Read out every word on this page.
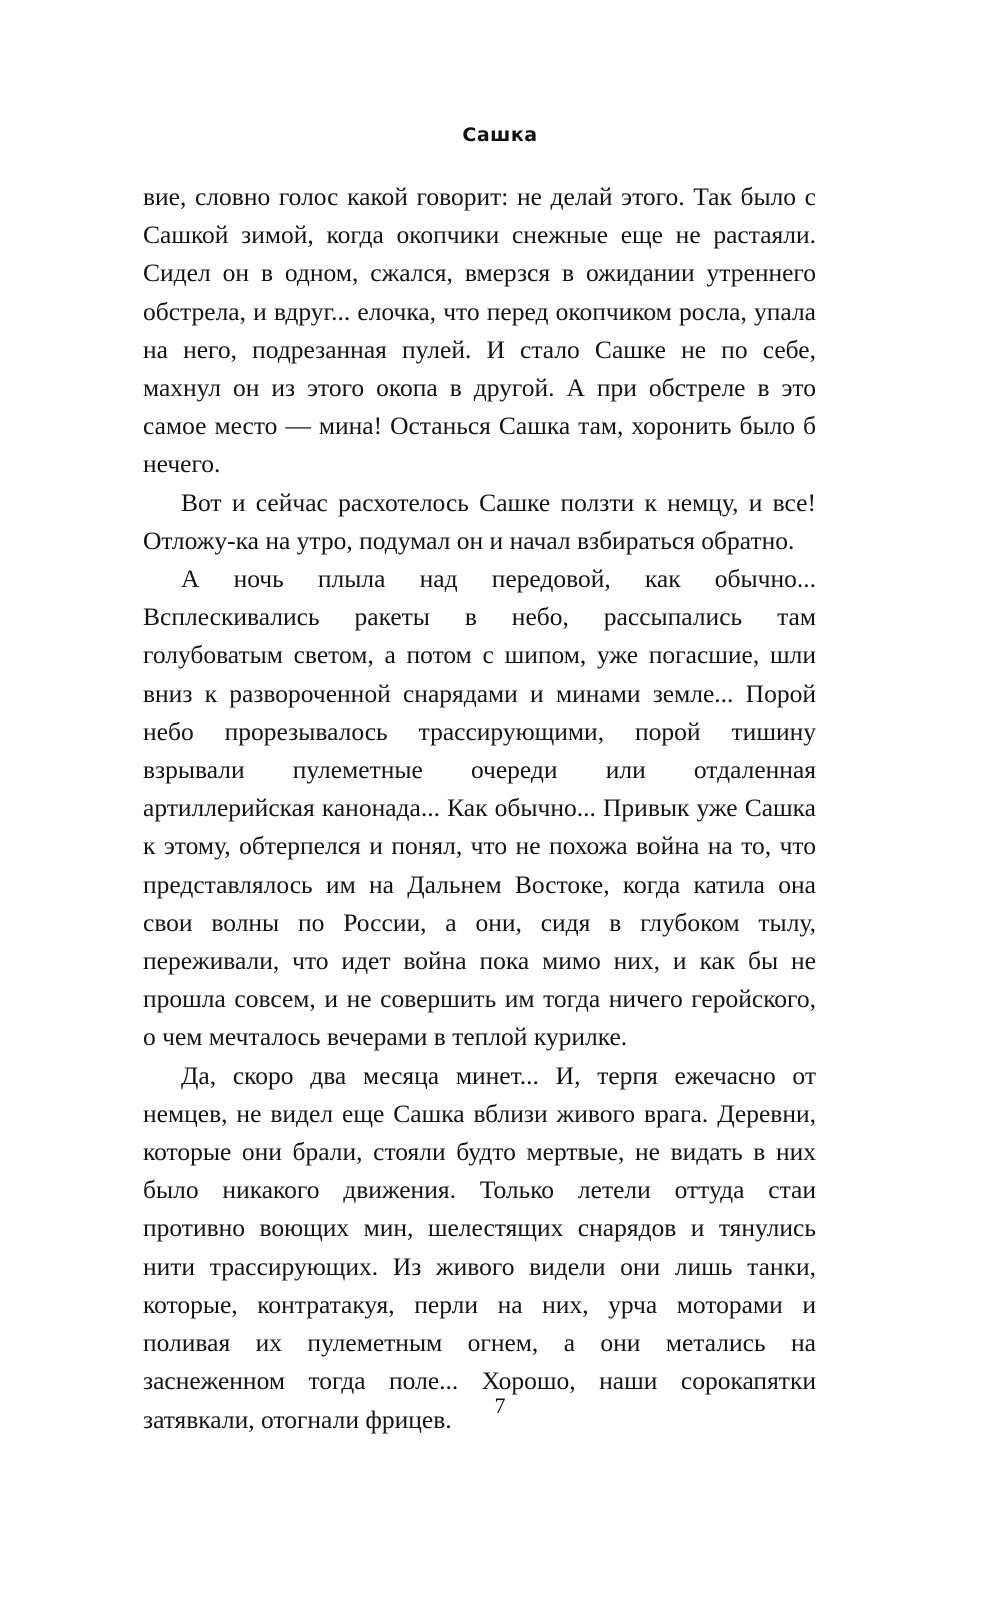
Сашка

вие, словно голос какой говорит: не делай этого. Так было с Сашкой зимой, когда окопчики снежные еще не растаяли. Сидел он в одном, сжался, вмерзся в ожидании утреннего обстрела, и вдруг... елочка, что перед окопчиком росла, упала на него, подрезанная пулей. И стало Сашке не по себе, махнул он из этого окопа в другой. А при обстреле в это самое место — мина! Останься Сашка там, хоронить было б нечего.

Вот и сейчас расхотелось Сашке ползти к немцу, и все! Отложу-ка на утро, подумал он и начал взбираться обратно.

А ночь плыла над передовой, как обычно... Всплескивались ракеты в небо, рассыпались там голубоватым светом, а потом с шипом, уже погасшие, шли вниз к развороченной снарядами и минами земле... Порой небо прорезывалось трассирующими, порой тишину взрывали пулеметные очереди или отдаленная артиллерийская канонада... Как обычно... Привык уже Сашка к этому, обтерпелся и понял, что не похожа война на то, что представлялось им на Дальнем Востоке, когда катила она свои волны по России, а они, сидя в глубоком тылу, переживали, что идет война пока мимо них, и как бы не прошла совсем, и не совершить им тогда ничего геройского, о чем мечталось вечерами в теплой курилке.

Да, скоро два месяца минет... И, терпя ежечасно от немцев, не видел еще Сашка вблизи живого врага. Деревни, которые они брали, стояли будто мертвые, не видать в них было никакого движения. Только летели оттуда стаи противно воющих мин, шелестящих снарядов и тянулись нити трассирующих. Из живого видели они лишь танки, которые, контратакуя, перли на них, урча моторами и поливая их пулеметным огнем, а они метались на заснеженном тогда поле... Хорошо, наши сорокапятки затявкали, отогнали фрицев.	7
